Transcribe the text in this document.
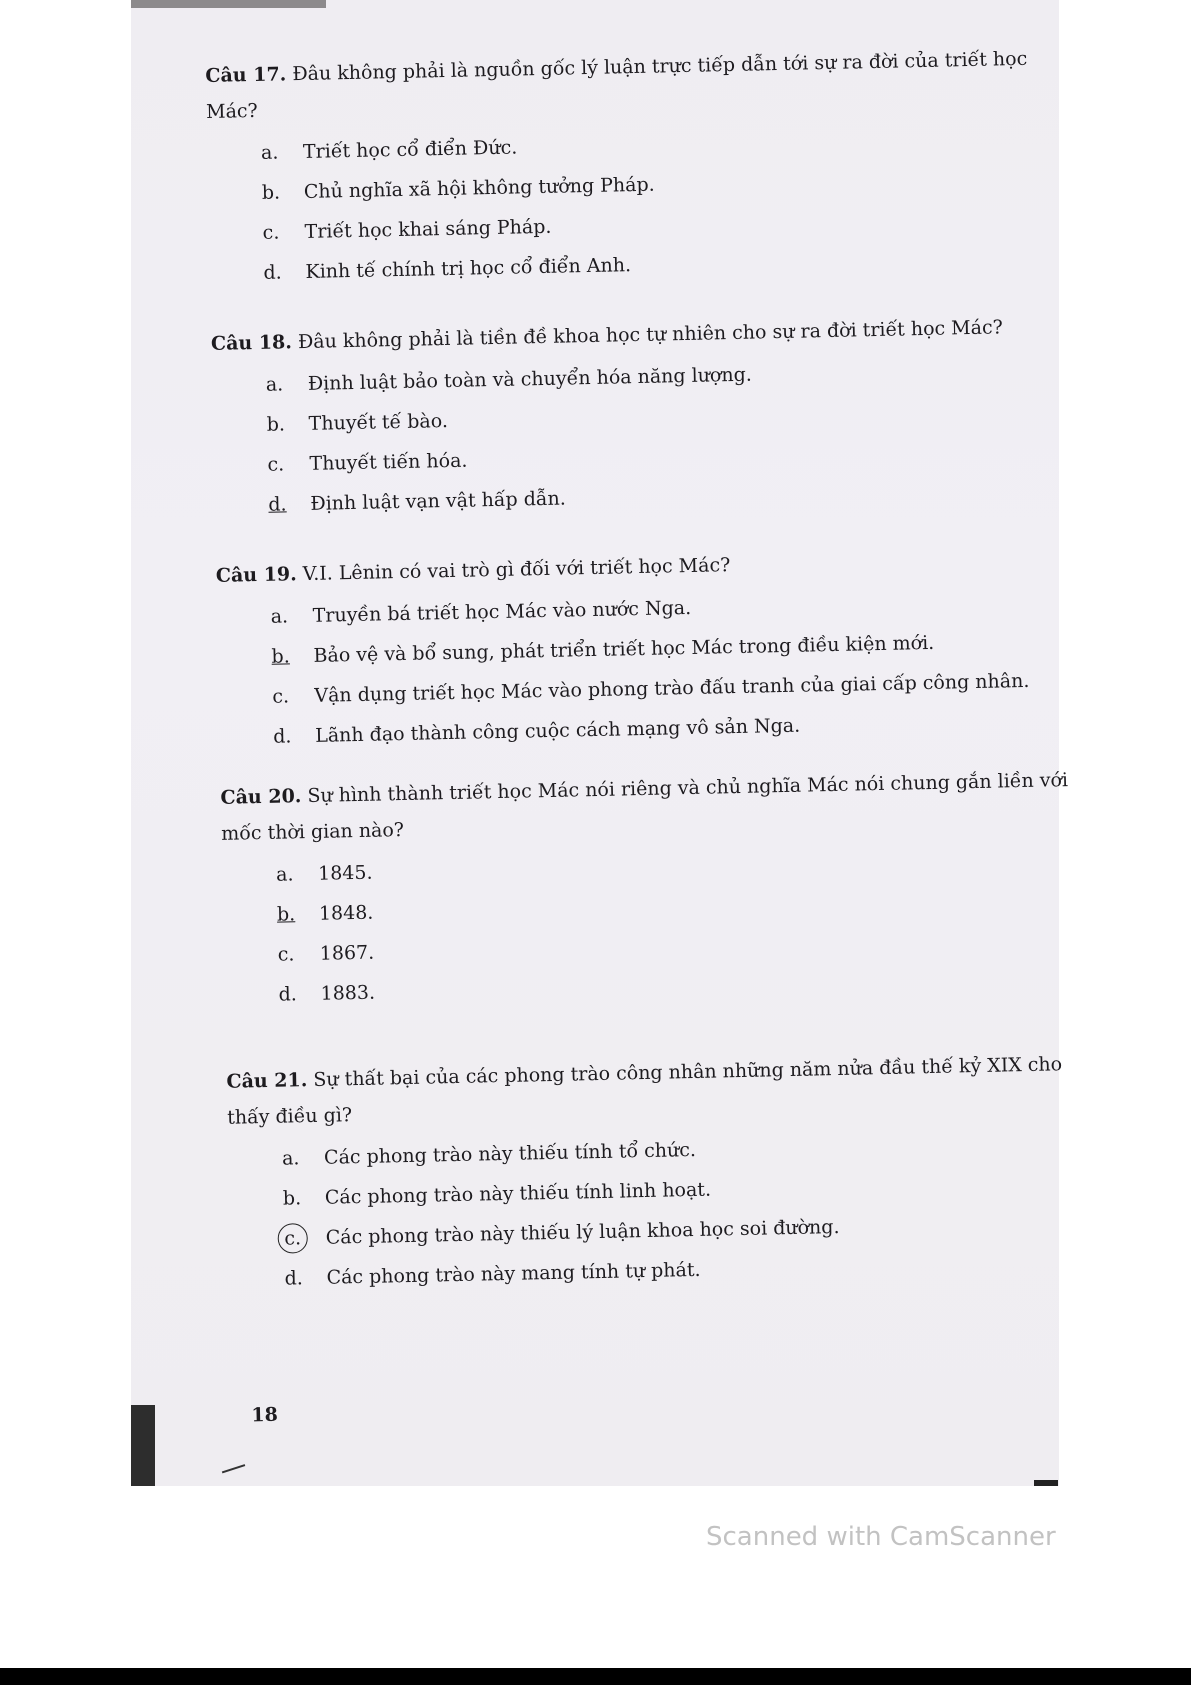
Câu 17. Đâu không phải là nguồn gốc lý luận trực tiếp dẫn tới sự ra đời của triết học Mác?
a. Triết học cổ điển Đức.
b. Chủ nghĩa xã hội không tưởng Pháp.
c. Triết học khai sáng Pháp.
d. Kinh tế chính trị học cổ điển Anh.
Câu 18. Đâu không phải là tiền đề khoa học tự nhiên cho sự ra đời triết học Mác?
a. Định luật bảo toàn và chuyển hóa năng lượng.
b. Thuyết tế bào.
c. Thuyết tiến hóa.
d. Định luật vạn vật hấp dẫn.
Câu 19. V.I. Lênin có vai trò gì đối với triết học Mác?
a. Truyền bá triết học Mác vào nước Nga.
b. Bảo vệ và bổ sung, phát triển triết học Mác trong điều kiện mới.
c. Vận dụng triết học Mác vào phong trào đấu tranh của giai cấp công nhân.
d. Lãnh đạo thành công cuộc cách mạng vô sản Nga.
Câu 20. Sự hình thành triết học Mác nói riêng và chủ nghĩa Mác nói chung gắn liền với mốc thời gian nào?
a. 1845.
b. 1848.
c. 1867.
d. 1883.
Câu 21. Sự thất bại của các phong trào công nhân những năm nửa đầu thế kỷ XIX cho thấy điều gì?
a. Các phong trào này thiếu tính tổ chức.
b. Các phong trào này thiếu tính linh hoạt.
c. Các phong trào này thiếu lý luận khoa học soi đường.
d. Các phong trào này mang tính tự phát.
18
Scanned with CamScanner
